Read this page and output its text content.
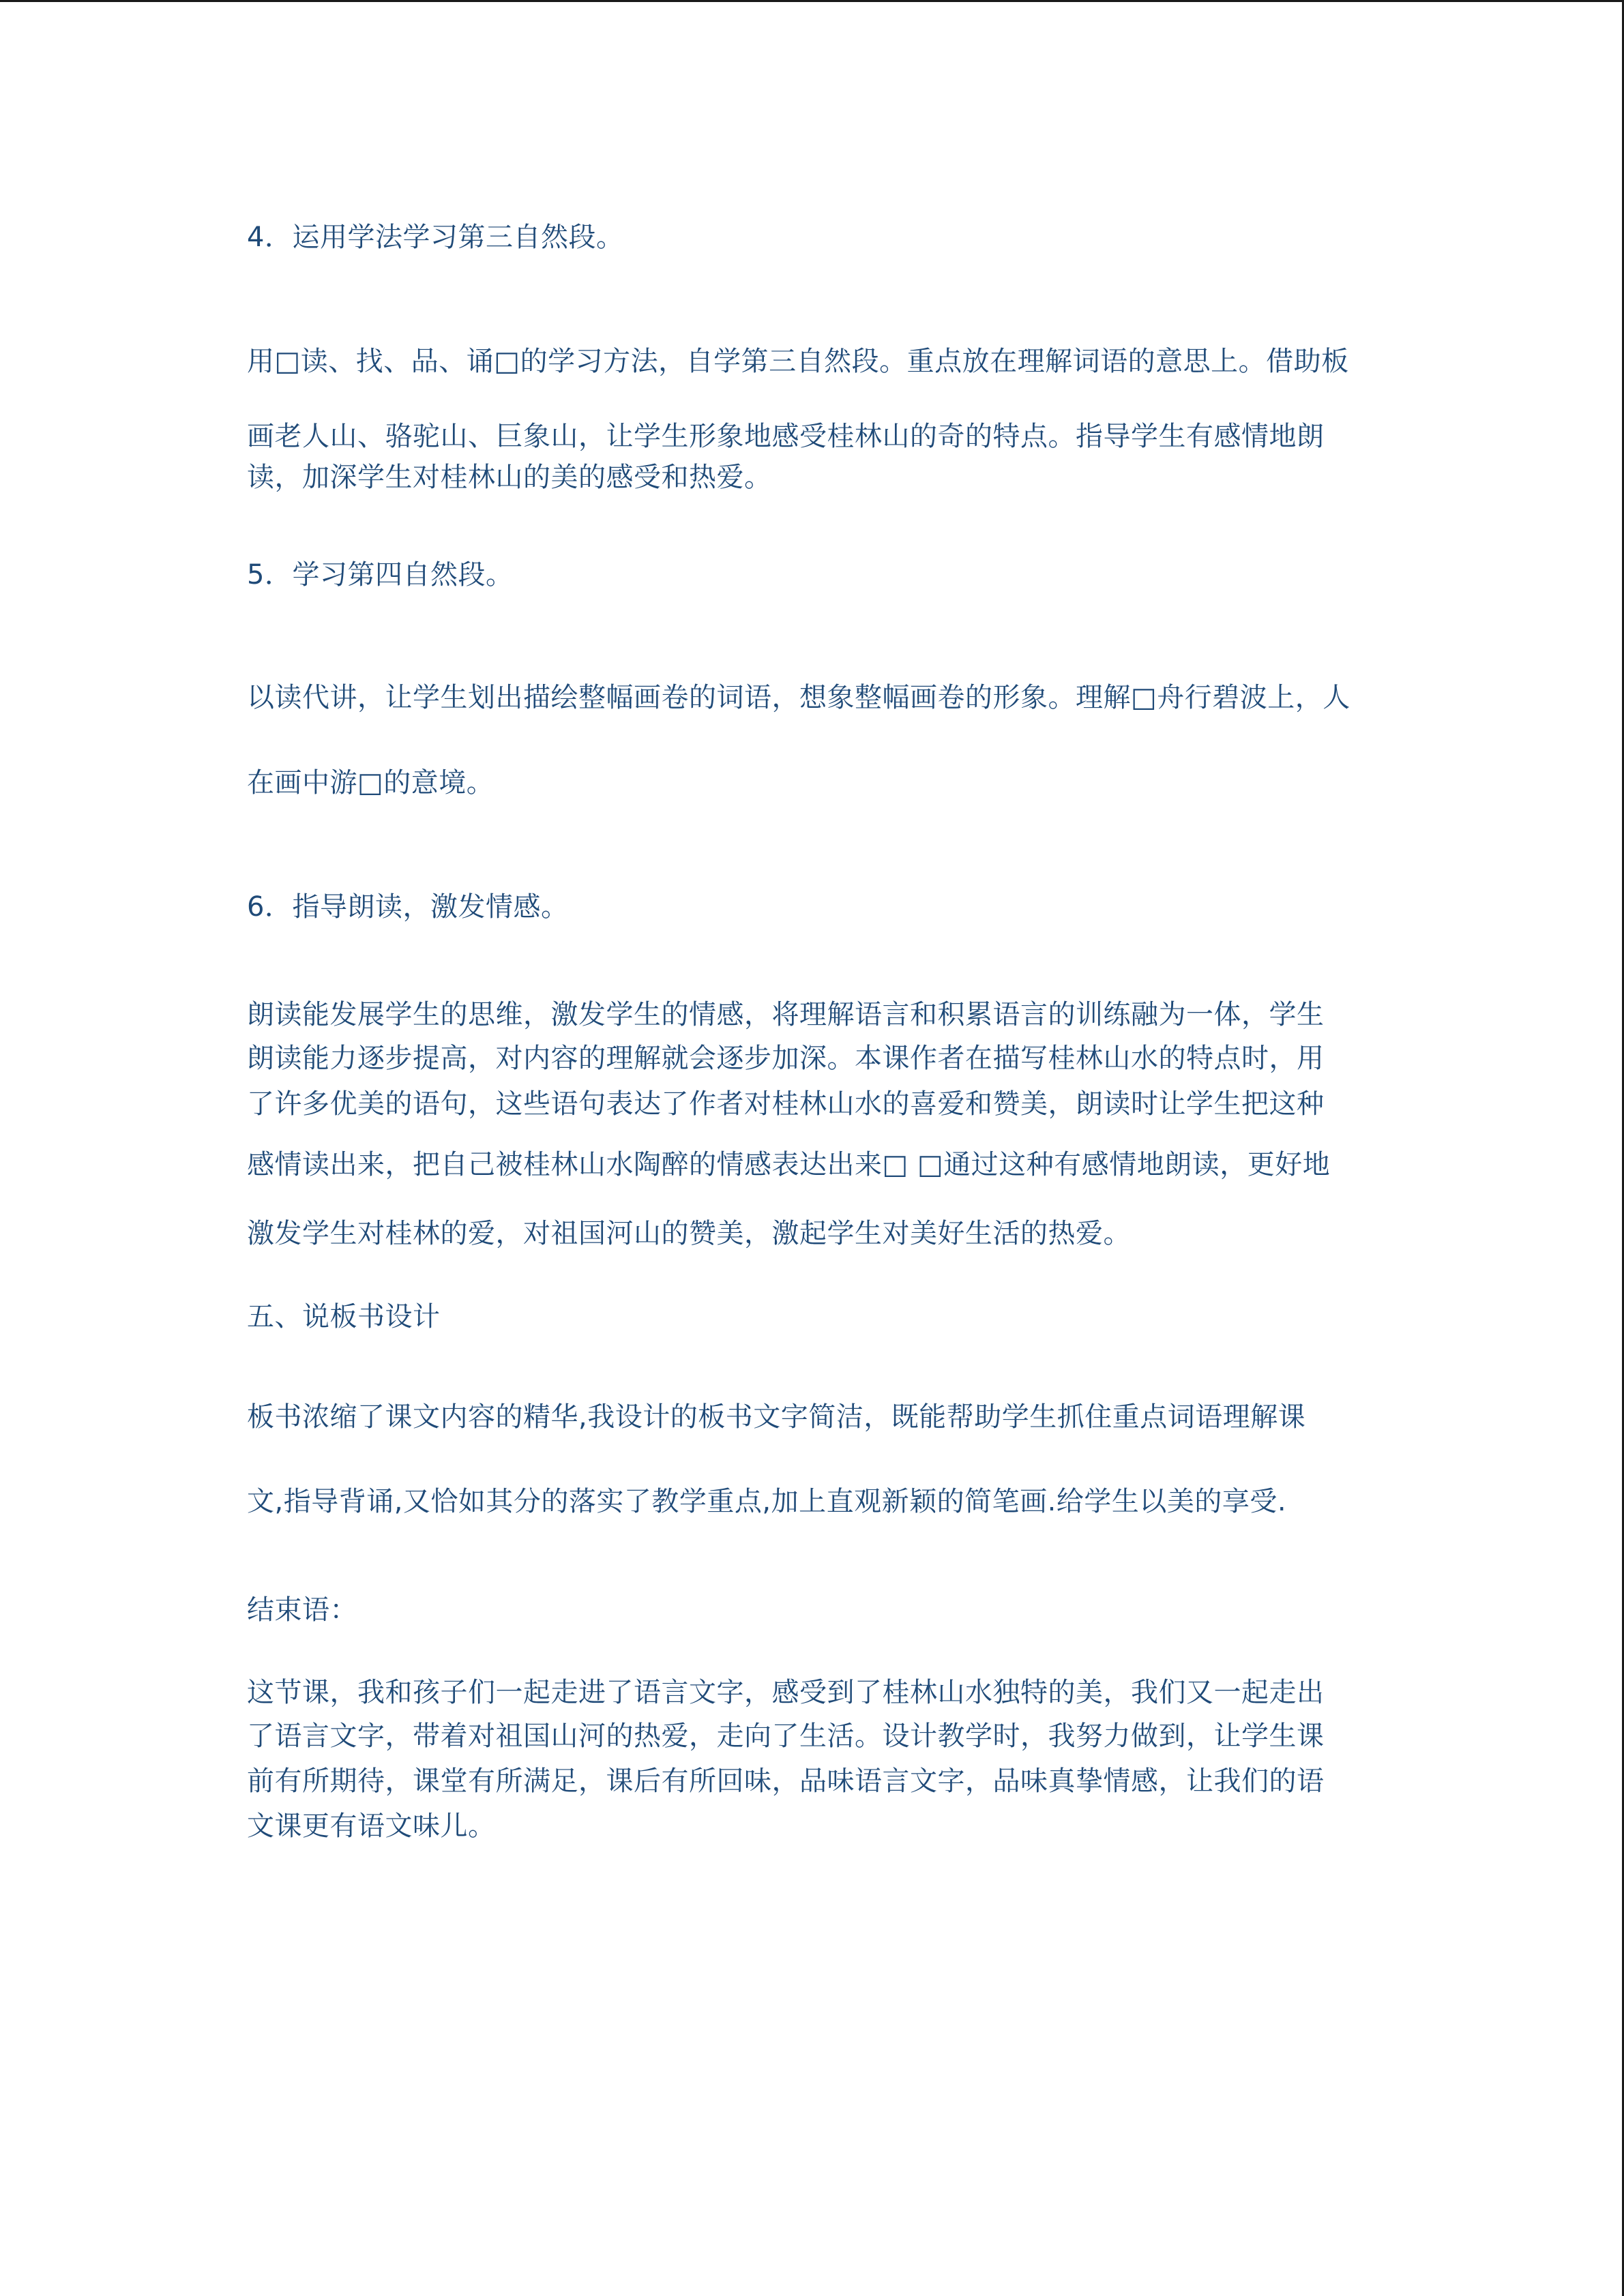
4．运用学法学习第三自然段。
用□读、找、品、诵□的学习方法，自学第三自然段。重点放在理解词语的意思上。借助板
画老人山、骆驼山、巨象山，让学生形象地感受桂林山的奇的特点。指导学生有感情地朗
读，加深学生对桂林山的美的感受和热爱。
5．学习第四自然段。
以读代讲，让学生划出描绘整幅画卷的词语，想象整幅画卷的形象。理解□舟行碧波上，人
在画中游□的意境。
6．指导朗读，激发情感。
朗读能发展学生的思维，激发学生的情感，将理解语言和积累语言的训练融为一体，学生
朗读能力逐步提高，对内容的理解就会逐步加深。本课作者在描写桂林山水的特点时，用
了许多优美的语句，这些语句表达了作者对桂林山水的喜爱和赞美，朗读时让学生把这种
感情读出来，把自己被桂林山水陶醉的情感表达出来□ □通过这种有感情地朗读，更好地
激发学生对桂林的爱，对祖国河山的赞美，激起学生对美好生活的热爱。
五、说板书设计
板书浓缩了课文内容的精华,我设计的板书文字简洁，既能帮助学生抓住重点词语理解课
文,指导背诵,又恰如其分的落实了教学重点,加上直观新颖的简笔画.给学生以美的享受.
结束语：
这节课，我和孩子们一起走进了语言文字，感受到了桂林山水独特的美，我们又一起走出
了语言文字，带着对祖国山河的热爱，走向了生活。设计教学时，我努力做到，让学生课
前有所期待，课堂有所满足，课后有所回味，品味语言文字，品味真挚情感，让我们的语
文课更有语文味儿。
